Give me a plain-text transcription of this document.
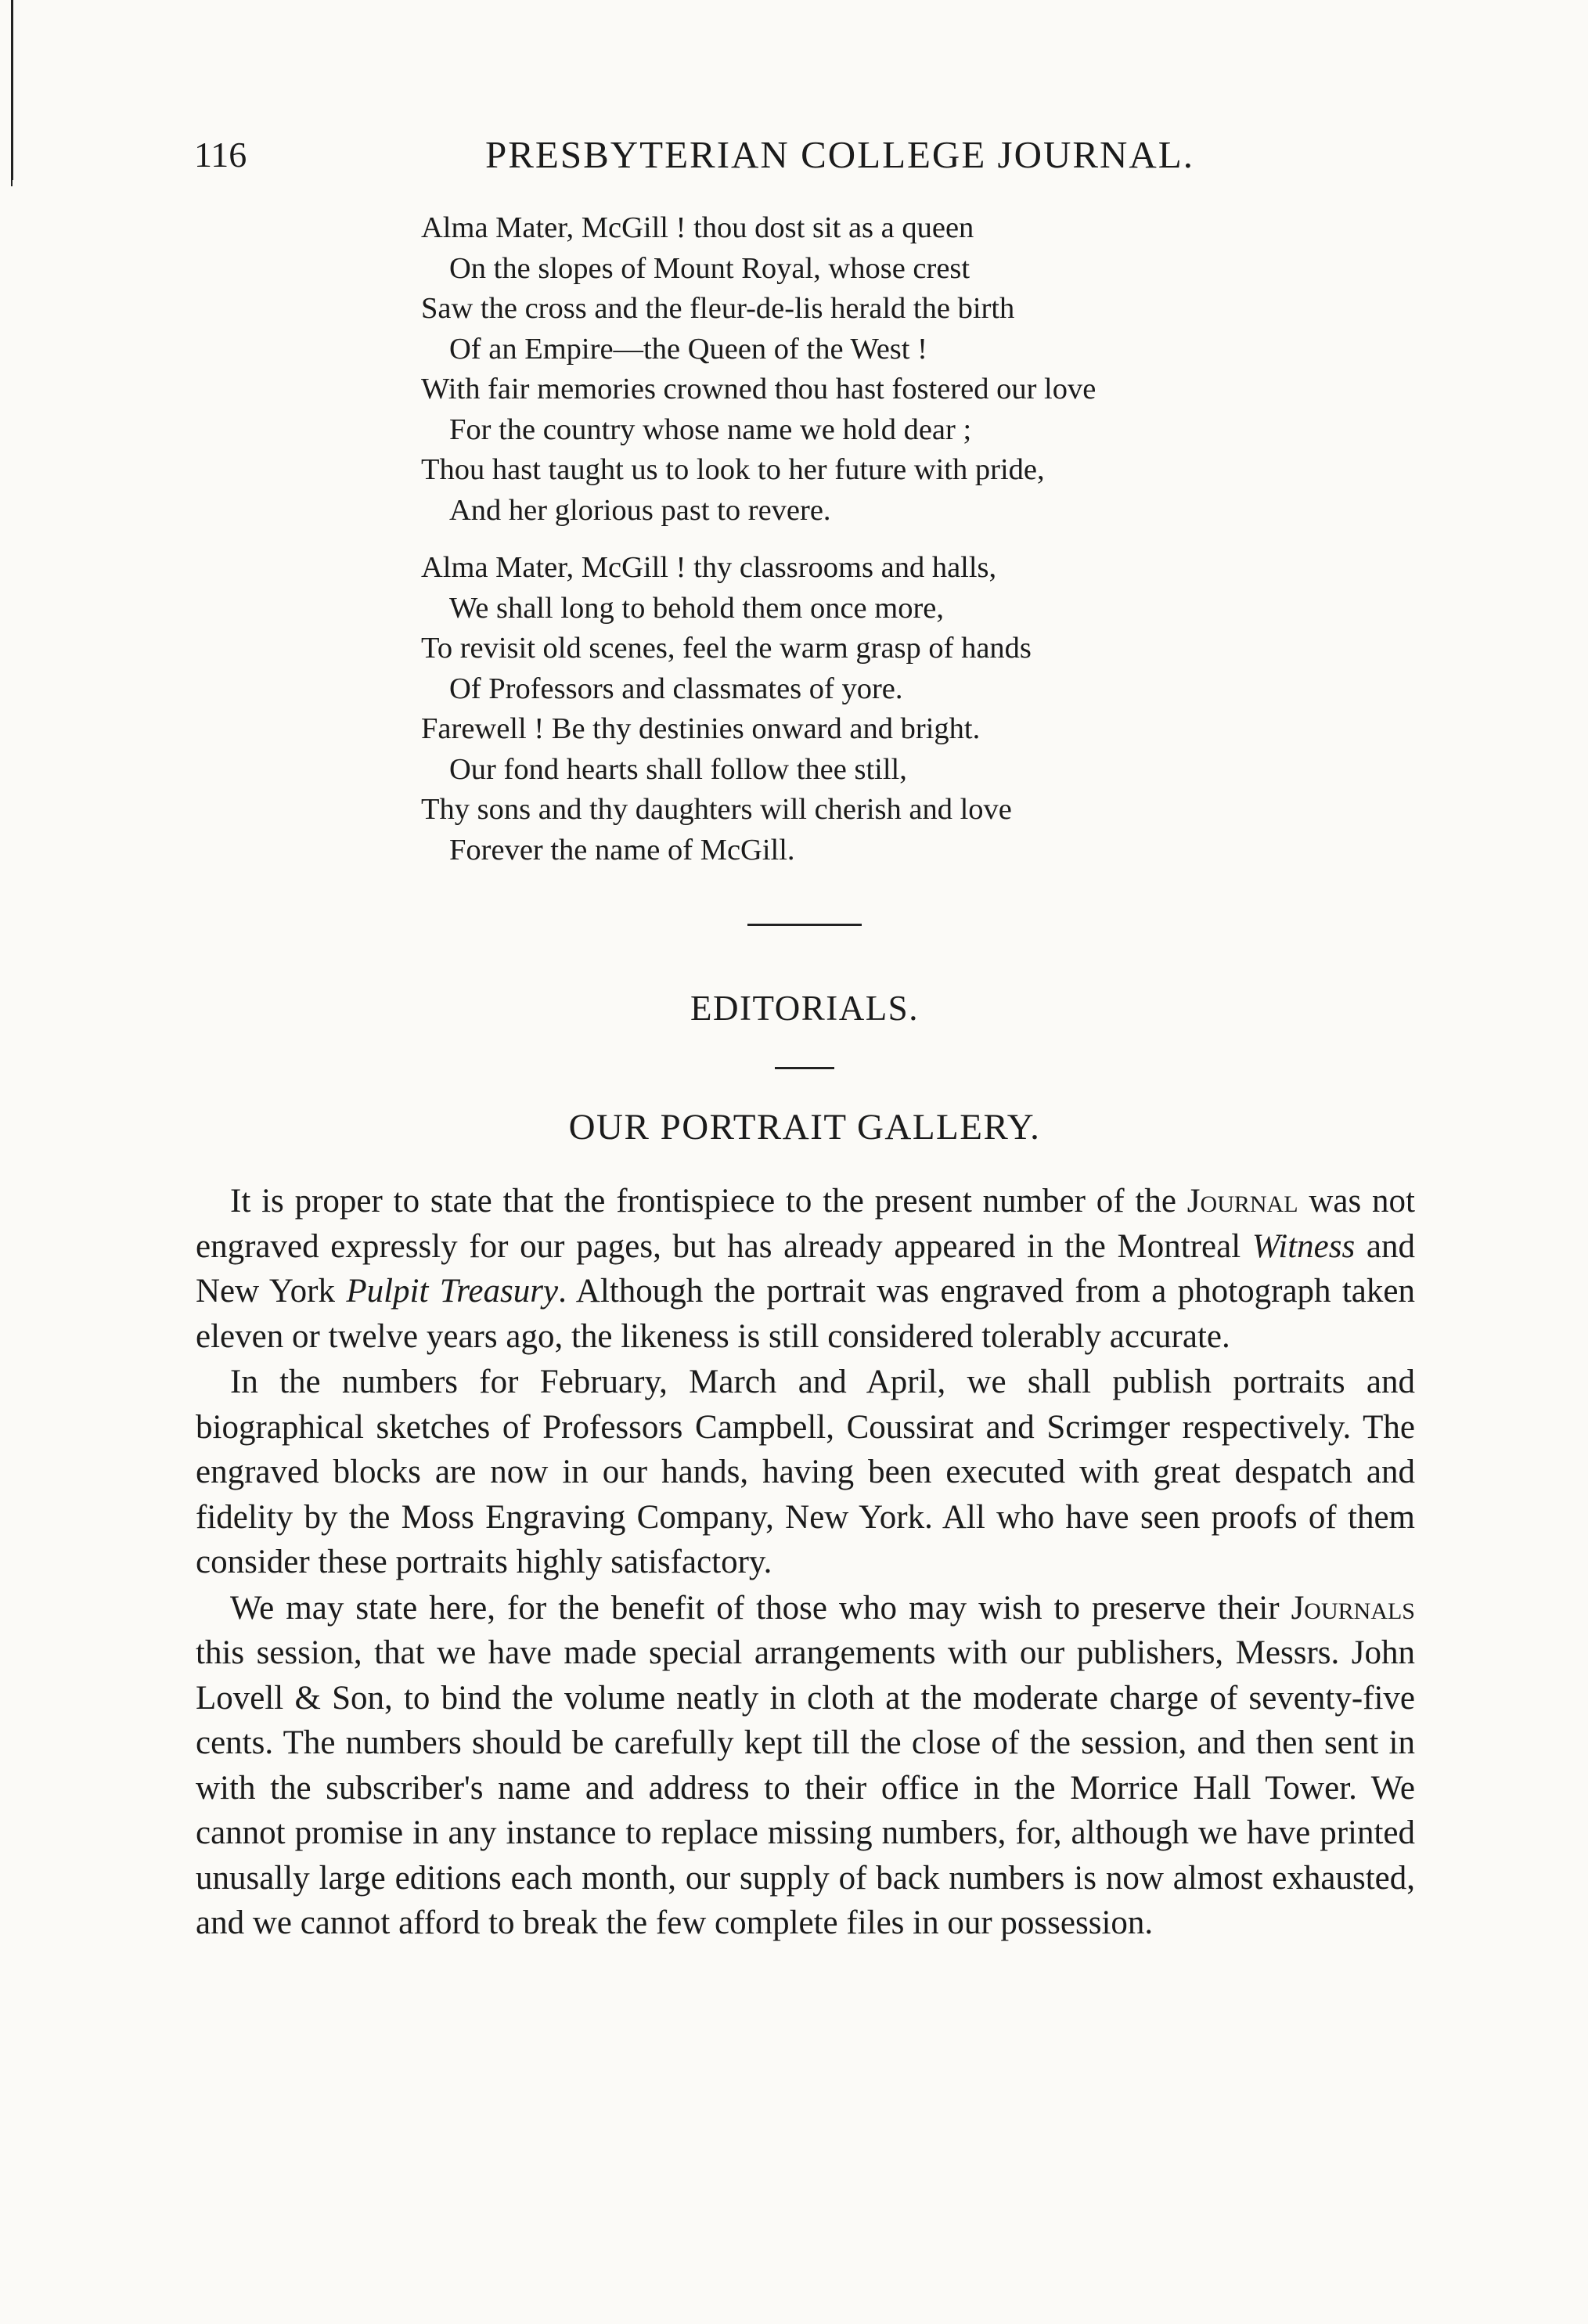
116	PRESBYTERIAN COLLEGE JOURNAL.
Alma Mater, McGill ! thou dost sit as a queen
On the slopes of Mount Royal, whose crest
Saw the cross and the fleur-de-lis herald the birth
Of an Empire—the Queen of the West !
With fair memories crowned thou hast fostered our love
For the country whose name we hold dear ;
Thou hast taught us to look to her future with pride,
And her glorious past to revere.
Alma Mater, McGill ! thy classrooms and halls,
We shall long to behold them once more,
To revisit old scenes, feel the warm grasp of hands
Of Professors and classmates of yore.
Farewell ! Be thy destinies onward and bright.
Our fond hearts shall follow thee still,
Thy sons and thy daughters will cherish and love
Forever the name of McGill.
EDITORIALS.
OUR PORTRAIT GALLERY.

It is proper to state that the frontispiece to the present number of the Journal was not engraved expressly for our pages, but has already appeared in the Montreal Witness and New York Pulpit Treasury. Although the portrait was engraved from a photograph taken eleven or twelve years ago, the likeness is still considered tolerably accurate.

In the numbers for February, March and April, we shall publish portraits and biographical sketches of Professors Campbell, Coussirat and Scrimger respectively. The engraved blocks are now in our hands, having been executed with great despatch and fidelity by the Moss Engraving Company, New York. All who have seen proofs of them consider these portraits highly satisfactory.

We may state here, for the benefit of those who may wish to preserve their Journals this session, that we have made special arrangements with our publishers, Messrs. John Lovell & Son, to bind the volume neatly in cloth at the moderate charge of seventy-five cents. The numbers should be carefully kept till the close of the session, and then sent in with the subscriber's name and address to their office in the Morrice Hall Tower. We cannot promise in any instance to replace missing numbers, for, although we have printed unusally large editions each month, our supply of back numbers is now almost exhausted, and we cannot afford to break the few complete files in our possession.
